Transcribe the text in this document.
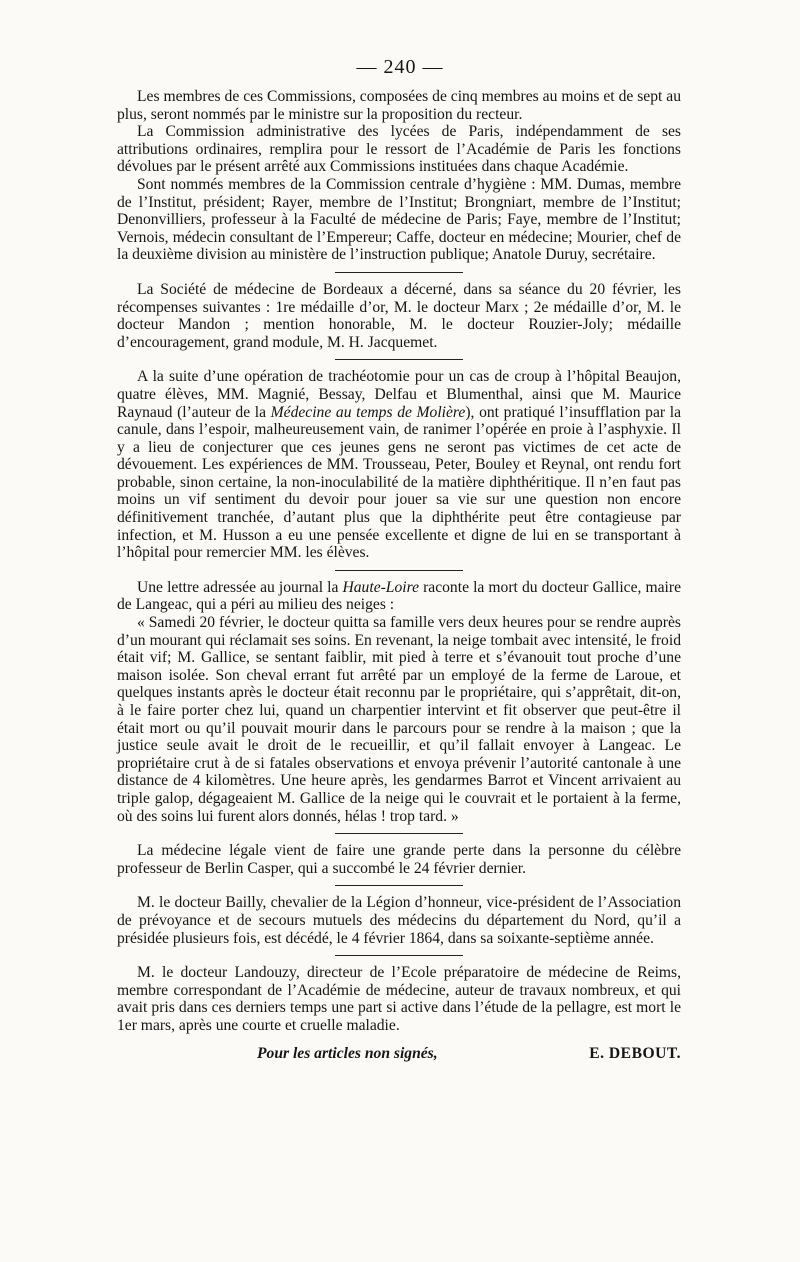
— 240 —

Les membres de ces Commissions, composées de cinq membres au moins et de sept au plus, seront nommés par le ministre sur la proposition du recteur.

La Commission administrative des lycées de Paris, indépendamment de ses attributions ordinaires, remplira pour le ressort de l’Académie de Paris les fonctions dévolues par le présent arrêté aux Commissions instituées dans chaque Académie.

Sont nommés membres de la Commission centrale d’hygiène : MM. Dumas, membre de l’Institut, président; Rayer, membre de l’Institut; Brongniart, membre de l’Institut; Denonvilliers, professeur à la Faculté de médecine de Paris; Faye, membre de l’Institut; Vernois, médecin consultant de l’Empereur; Caffe, docteur en médecine; Mourier, chef de la deuxième division au ministère de l’instruction publique; Anatole Duruy, secrétaire.

La Société de médecine de Bordeaux a décerné, dans sa séance du 20 février, les récompenses suivantes : 1re médaille d’or, M. le docteur Marx ; 2e médaille d’or, M. le docteur Mandon ; mention honorable, M. le docteur Rouzier-Joly; médaille d’encouragement, grand module, M. H. Jacquemet.

A la suite d’une opération de trachéotomie pour un cas de croup à l’hôpital Beaujon, quatre élèves, MM. Magnié, Bessay, Delfau et Blumenthal, ainsi que M. Maurice Raynaud (l’auteur de la Médecine au temps de Molière), ont pratiqué l’insufflation par la canule, dans l’espoir, malheureusement vain, de ranimer l’opérée en proie à l’asphyxie. Il y a lieu de conjecturer que ces jeunes gens ne seront pas victimes de cet acte de dévouement. Les expériences de MM. Trousseau, Peter, Bouley et Reynal, ont rendu fort probable, sinon certaine, la non-inoculabilité de la matière diphthéritique. Il n’en faut pas moins un vif sentiment du devoir pour jouer sa vie sur une question non encore définitivement tranchée, d’autant plus que la diphthérite peut être contagieuse par infection, et M. Husson a eu une pensée excellente et digne de lui en se transportant à l’hôpital pour remercier MM. les élèves.

Une lettre adressée au journal la Haute-Loire raconte la mort du docteur Gallice, maire de Langeac, qui a péri au milieu des neiges :

« Samedi 20 février, le docteur quitta sa famille vers deux heures pour se rendre auprès d’un mourant qui réclamait ses soins. En revenant, la neige tombait avec intensité, le froid était vif; M. Gallice, se sentant faiblir, mit pied à terre et s’évanouit tout proche d’une maison isolée. Son cheval errant fut arrêté par un employé de la ferme de Laroue, et quelques instants après le docteur était reconnu par le propriétaire, qui s’apprêtait, dit-on, à le faire porter chez lui, quand un charpentier intervint et fit observer que peut-être il était mort ou qu’il pouvait mourir dans le parcours pour se rendre à la maison ; que la justice seule avait le droit de le recueillir, et qu’il fallait envoyer à Langeac. Le propriétaire crut à de si fatales observations et envoya prévenir l’autorité cantonale à une distance de 4 kilomètres. Une heure après, les gendarmes Barrot et Vincent arrivaient au triple galop, dégageaient M. Gallice de la neige qui le couvrait et le portaient à la ferme, où des soins lui furent alors donnés, hélas ! trop tard. »

La médecine légale vient de faire une grande perte dans la personne du célèbre professeur de Berlin Casper, qui a succombé le 24 février dernier.

M. le docteur Bailly, chevalier de la Légion d’honneur, vice-président de l’Association de prévoyance et de secours mutuels des médecins du département du Nord, qu’il a présidée plusieurs fois, est décédé, le 4 février 1864, dans sa soixante-septième année.

M. le docteur Landouzy, directeur de l’Ecole préparatoire de médecine de Reims, membre correspondant de l’Académie de médecine, auteur de travaux nombreux, et qui avait pris dans ces derniers temps une part si active dans l’étude de la pellagre, est mort le 1er mars, après une courte et cruelle maladie.

Pour les articles non signés,	E. DEBOUT.
